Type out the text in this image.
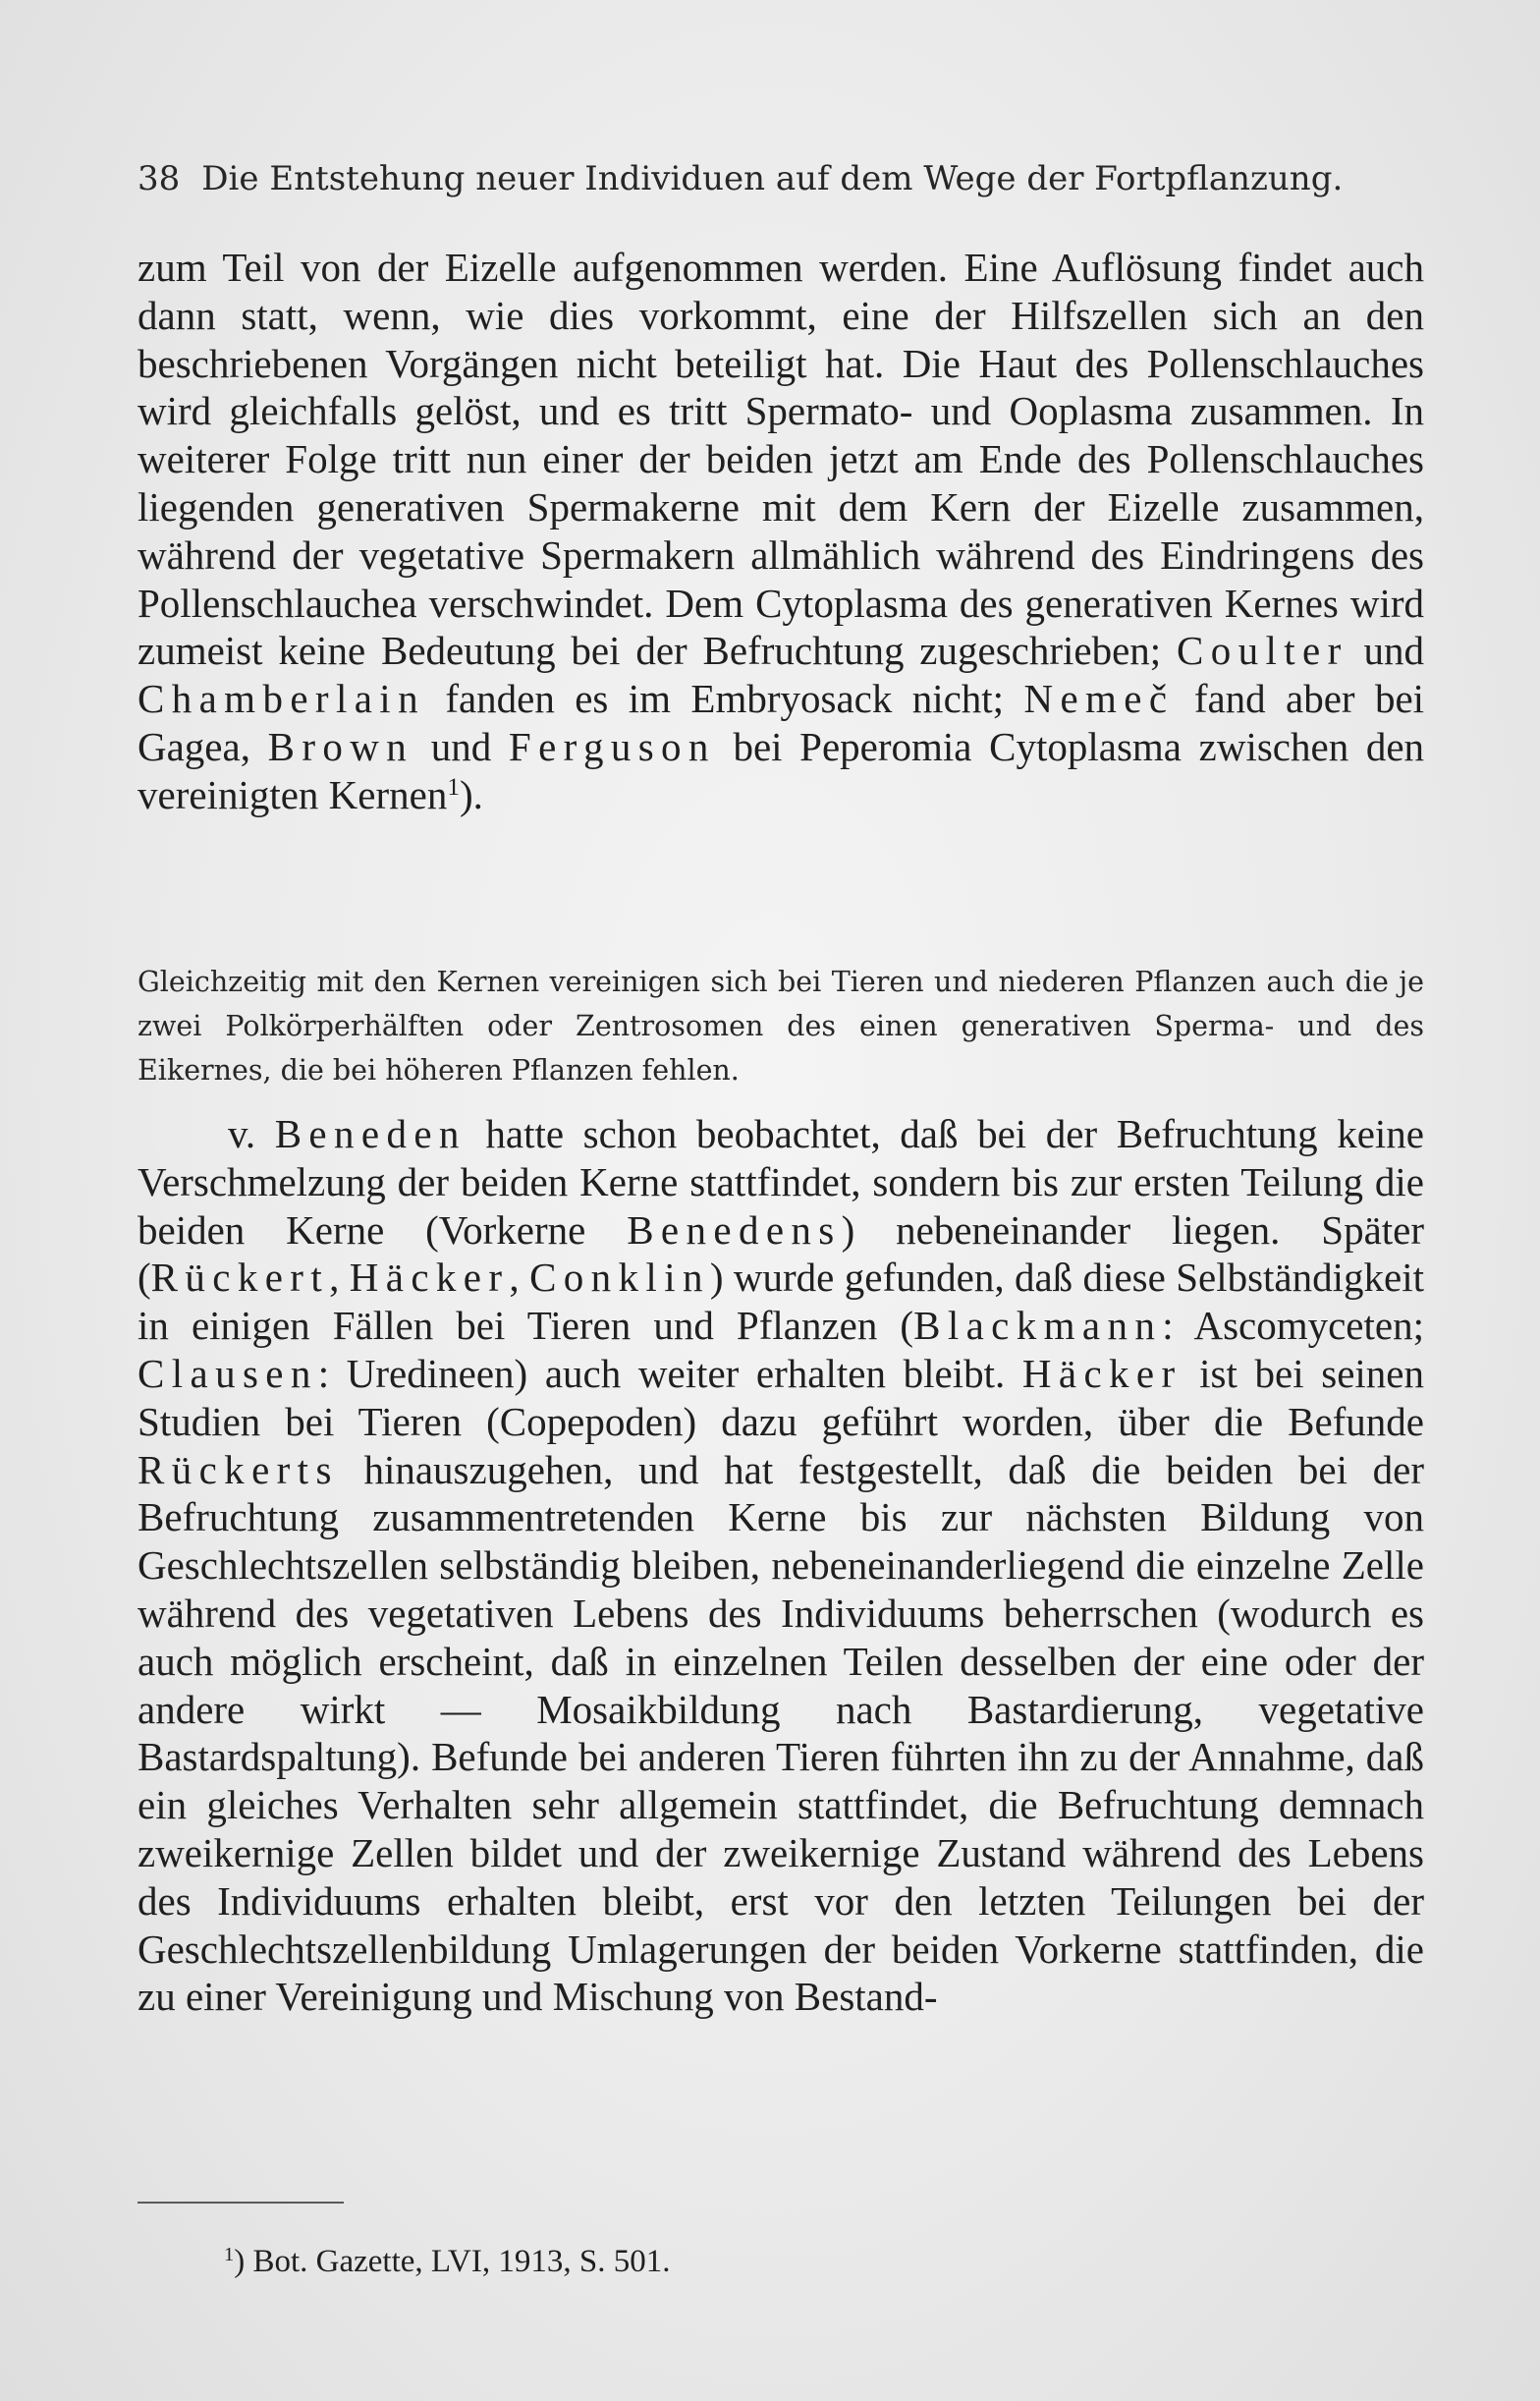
38 Die Entstehung neuer Individuen auf dem Wege der Fortpflanzung.
zum Teil von der Eizelle aufgenommen werden. Eine Auflösung findet auch dann statt, wenn, wie dies vorkommt, eine der Hilfszellen sich an den beschriebenen Vorgängen nicht beteiligt hat. Die Haut des Pollenschlauches wird gleichfalls gelöst, und es tritt Spermato- und Ooplasma zusammen. In weiterer Folge tritt nun einer der beiden jetzt am Ende des Pollenschlauches liegenden generativen Spermakerne mit dem Kern der Eizelle zusammen, während der vegetative Spermakern allmählich während des Eindringens des Pollenschlauchea verschwindet. Dem Cytoplasma des generativen Kernes wird zumeist keine Bedeutung bei der Befruchtung zugeschrieben; Coulter und Chamberlain fanden es im Embryosack nicht; Nemeč fand aber bei Gagea, Brown und Ferguson bei Peperomia Cytoplasma zwischen den vereinigten Kernen$^1$).
Gleichzeitig mit den Kernen vereinigen sich bei Tieren und niederen Pflanzen auch die je zwei Polkörperhälften oder Zentrosomen des einen generativen Sperma- und des Eikernes, die bei höheren Pflanzen fehlen.
v. Beneden hatte schon beobachtet, daß bei der Befruchtung keine Verschmelzung der beiden Kerne stattfindet, sondern bis zur ersten Teilung die beiden Kerne (Vorkerne Benedens) nebeneinander liegen. Später (Rückert, Häcker, Conklin) wurde gefunden, daß diese Selbständigkeit in einigen Fällen bei Tieren und Pflanzen (Blackmann: Ascomyceten; Clausen: Uredineen) auch weiter erhalten bleibt. Häcker ist bei seinen Studien bei Tieren (Copepoden) dazu geführt worden, über die Befunde Rückerts hinauszugehen, und hat festgestellt, daß die beiden bei der Befruchtung zusammentretenden Kerne bis zur nächsten Bildung von Geschlechtszellen selbständig bleiben, nebeneinanderliegend die einzelne Zelle während des vegetativen Lebens des Individuums beherrschen (wodurch es auch möglich erscheint, daß in einzelnen Teilen desselben der eine oder der andere wirkt — Mosaikbildung nach Bastardierung, vegetative Bastardspaltung). Befunde bei anderen Tieren führten ihn zu der Annahme, daß ein gleiches Verhalten sehr allgemein stattfindet, die Befruchtung demnach zweikernige Zellen bildet und der zweikernige Zustand während des Lebens des Individuums erhalten bleibt, erst vor den letzten Teilungen bei der Geschlechtszellenbildung Umlagerungen der beiden Vorkerne stattfinden, die zu einer Vereinigung und Mischung von Bestand-
$^1$) Bot. Gazette, LVI, 1913, S. 501.
